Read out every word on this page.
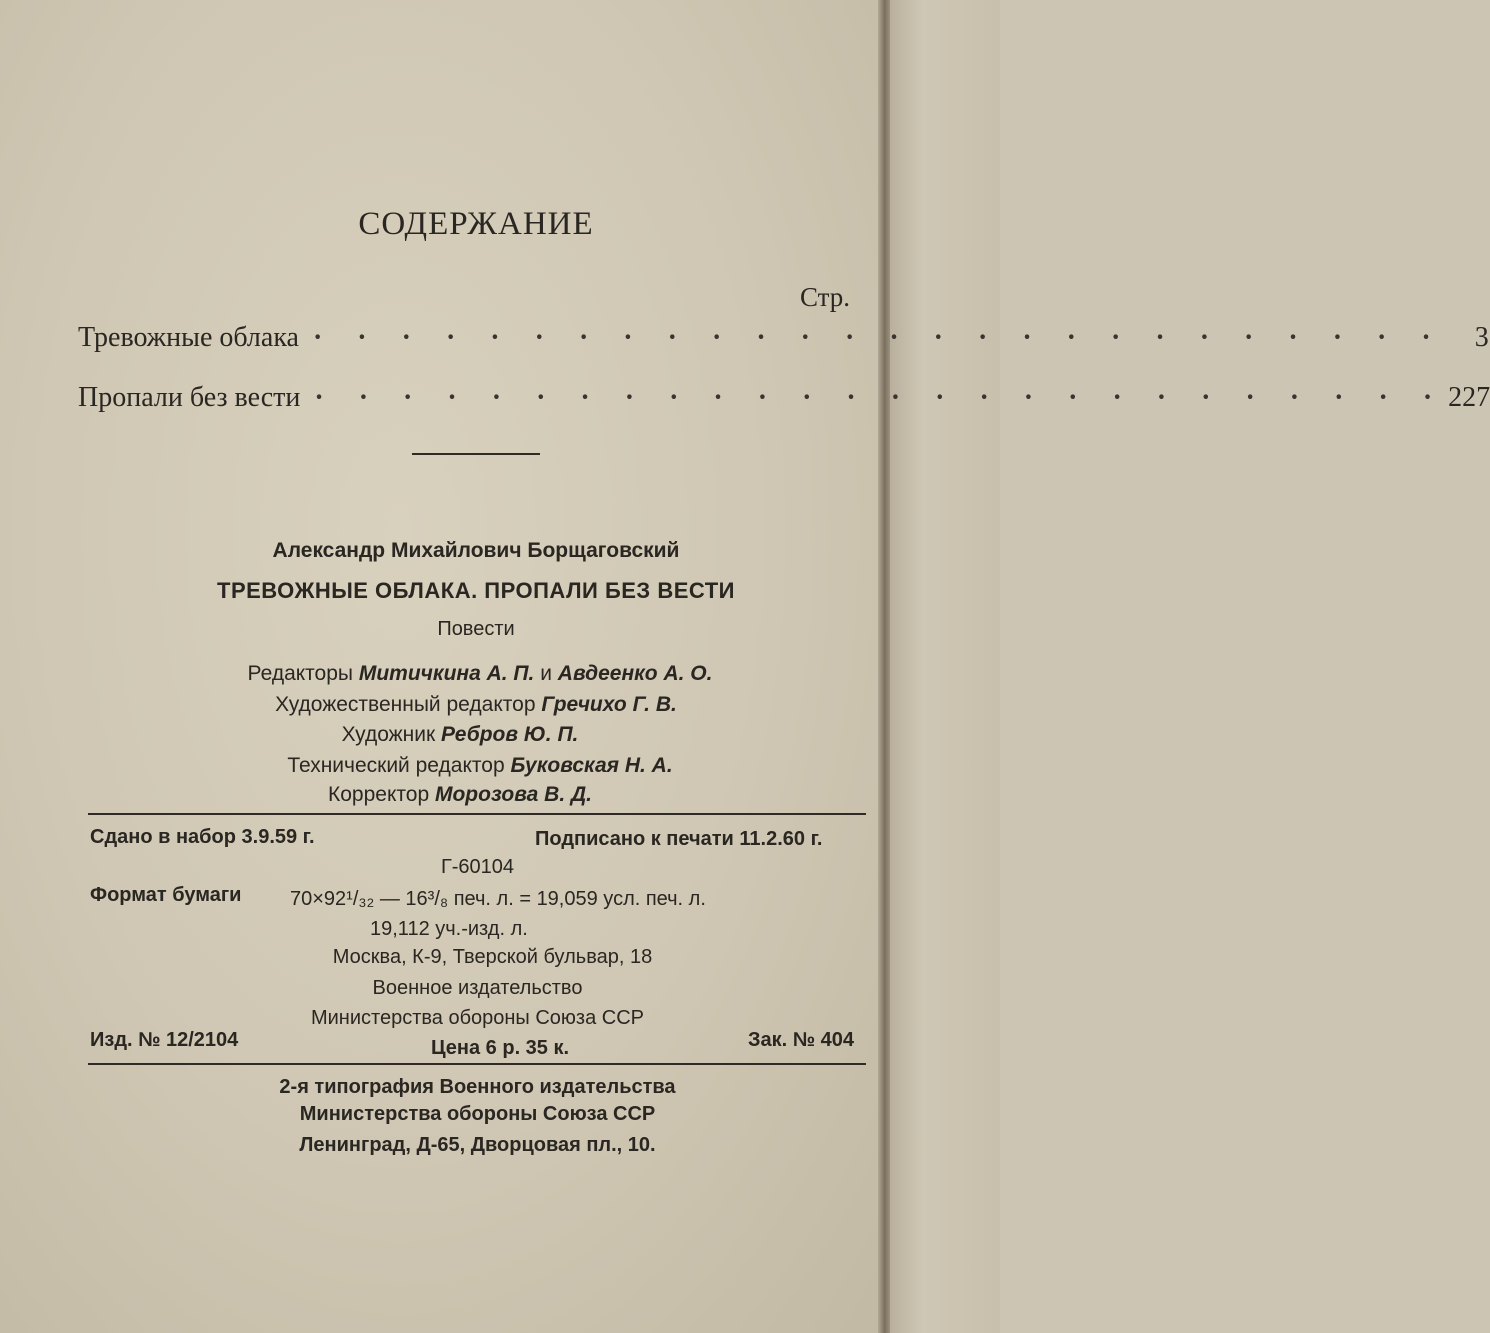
СОДЕРЖАНИЕ
Стр.
Тревожные облака · · · · · · · · · · · · · · · · · · · · · · · · · ·	3
Пропали без вести · · · · · · · · · · · · · · · · · · · · · · · · · · 227
Александр Михайлович Борщаговский
ТРЕВОЖНЫЕ ОБЛАКА. ПРОПАЛИ БЕЗ ВЕСТИ
Повести
Редакторы Митичкина А. П. и Авдеенко А. О.
Художественный редактор Гречихо Г. В.
Художник Ребров Ю. П.
Технический редактор Буковская Н. А.
Корректор Морозова В. Д.
Сдано в набор 3.9.59 г.	Подписано к печати 11.2.60 г.
Г-60104
Формат бумаги 70×92¹/₃₂ — 16³/₈ печ. л. = 19,059 усл. печ. л.
19,112 уч.-изд. л.
Москва, К-9, Тверской бульвар, 18
Военное издательство
Министерства обороны Союза ССР
Изд. № 12/2104	Цена 6 р. 35 к.	Зак. № 404
2-я типография Военного издательства
Министерства обороны Союза ССР
Ленинград, Д-65, Дворцовая пл., 10.
